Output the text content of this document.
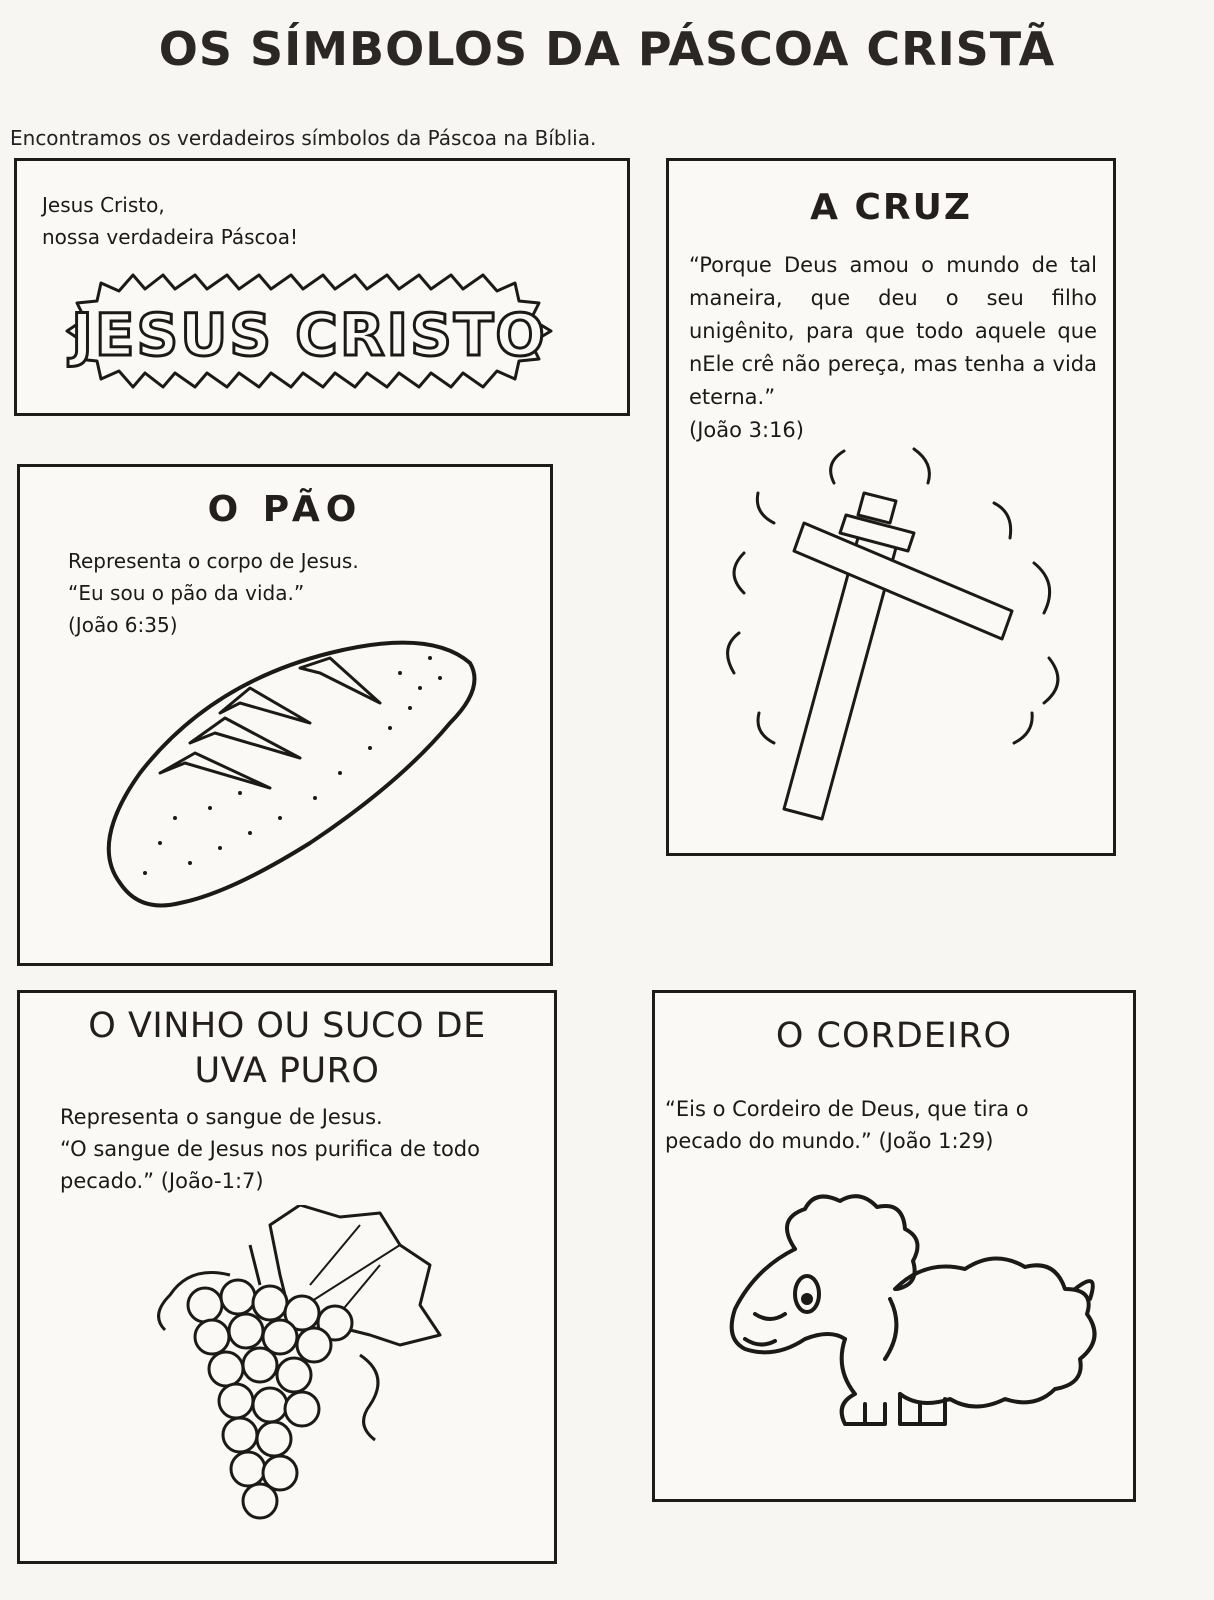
OS SÍMBOLOS DA PÁSCOA CRISTÃ
Encontramos os verdadeiros símbolos da Páscoa na Bíblia.
Jesus Cristo,
nossa verdadeira Páscoa!
JESUS CRISTO
A CRUZ
“Porque Deus amou o mundo de tal maneira, que deu o seu filho unigênito, para que todo aquele que nEle crê não pereça, mas tenha a vida eterna.”
(João 3:16)
O PÃO
Representa o corpo de Jesus.
“Eu sou o pão da vida.”
(João 6:35)
O VINHO OU SUCO DE
UVA PURO
Representa o sangue de Jesus.
“O sangue de Jesus nos purifica de todo
pecado.” (João-1:7)
O CORDEIRO
“Eis o Cordeiro de Deus, que tira o
pecado do mundo.” (João 1:29)
